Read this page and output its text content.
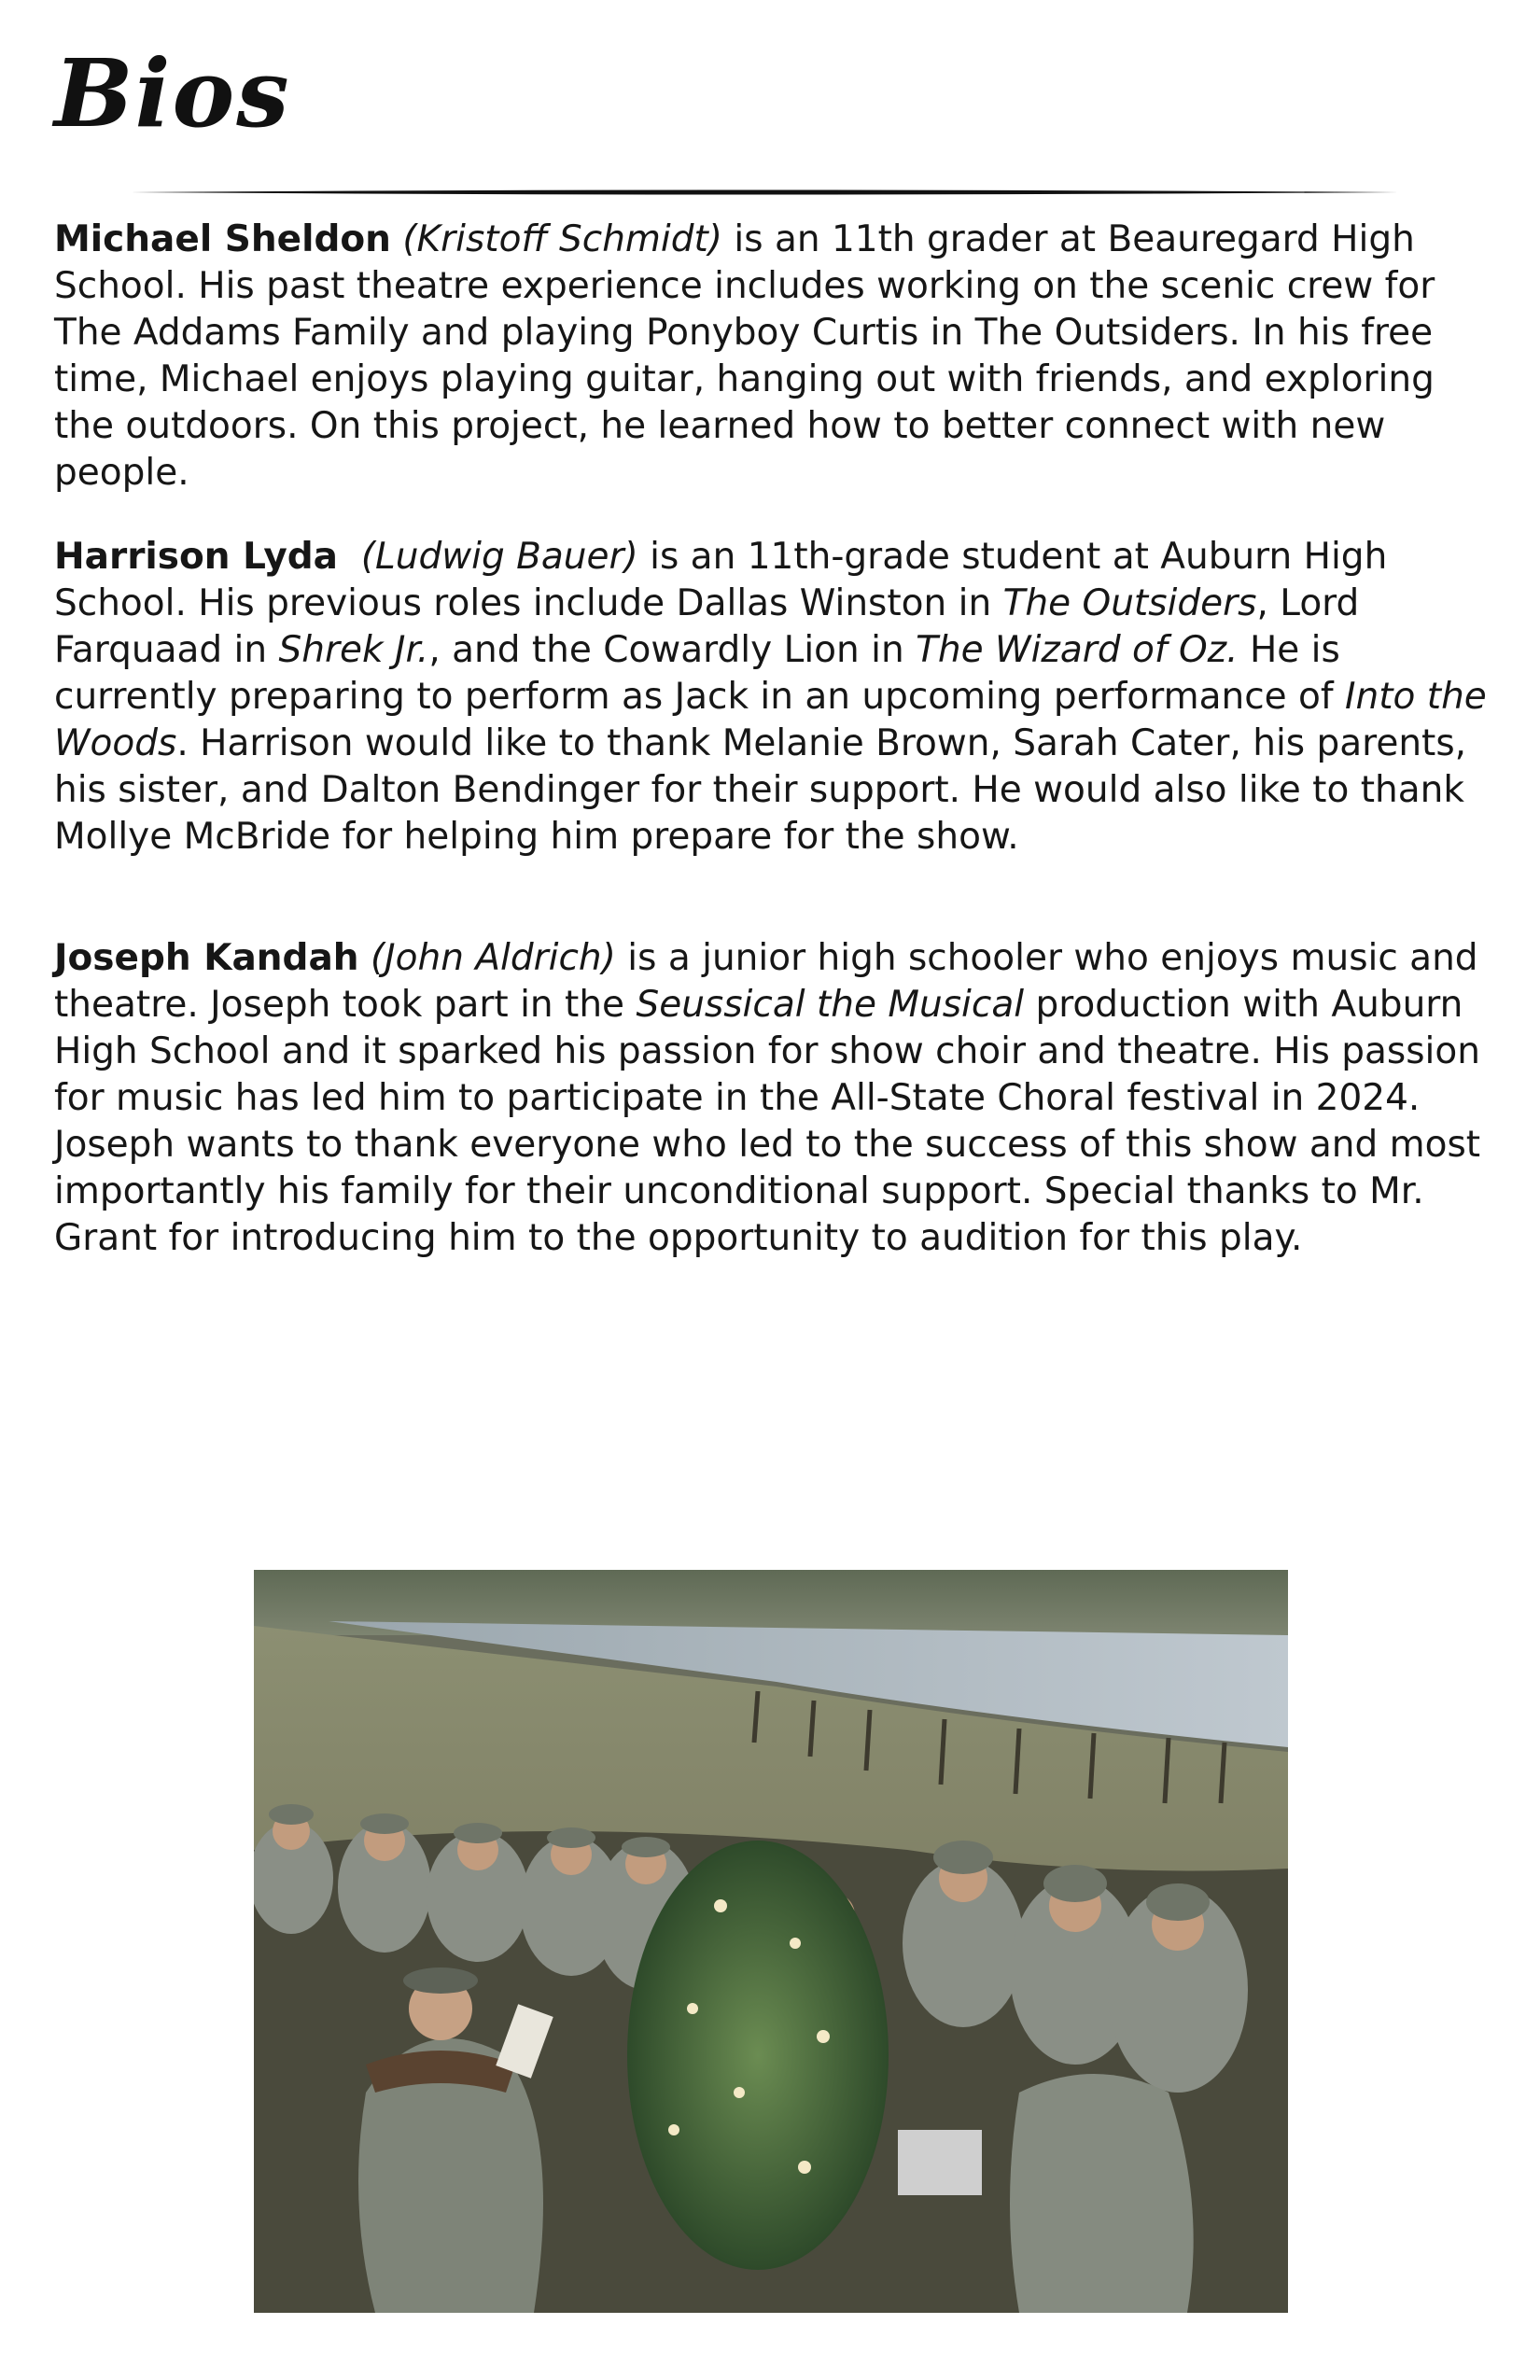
Bios

Michael Sheldon (Kristoff Schmidt) is an 11th grader at Beauregard High School. His past theatre experience includes working on the scenic crew for The Addams Family and playing Ponyboy Curtis in The Outsiders. In his free time, Michael enjoys playing guitar, hanging out with friends, and exploring the outdoors. On this project, he learned how to better connect with new people.

Harrison Lyda (Ludwig Bauer) is an 11th-grade student at Auburn High School. His previous roles include Dallas Winston in The Outsiders, Lord Farquaad in Shrek Jr., and the Cowardly Lion in The Wizard of Oz. He is currently preparing to perform as Jack in an upcoming performance of Into the Woods. Harrison would like to thank Melanie Brown, Sarah Cater, his parents, his sister, and Dalton Bendinger for their support. He would also like to thank Mollye McBride for helping him prepare for the show.

Joseph Kandah (John Aldrich) is a junior high schooler who enjoys music and theatre. Joseph took part in the Seussical the Musical production with Auburn High School and it sparked his passion for show choir and theatre. His passion for music has led him to participate in the All-State Choral festival in 2024. Joseph wants to thank everyone who led to the success of this show and most importantly his family for their unconditional support. Special thanks to Mr. Grant for introducing him to the opportunity to audition for this play.
